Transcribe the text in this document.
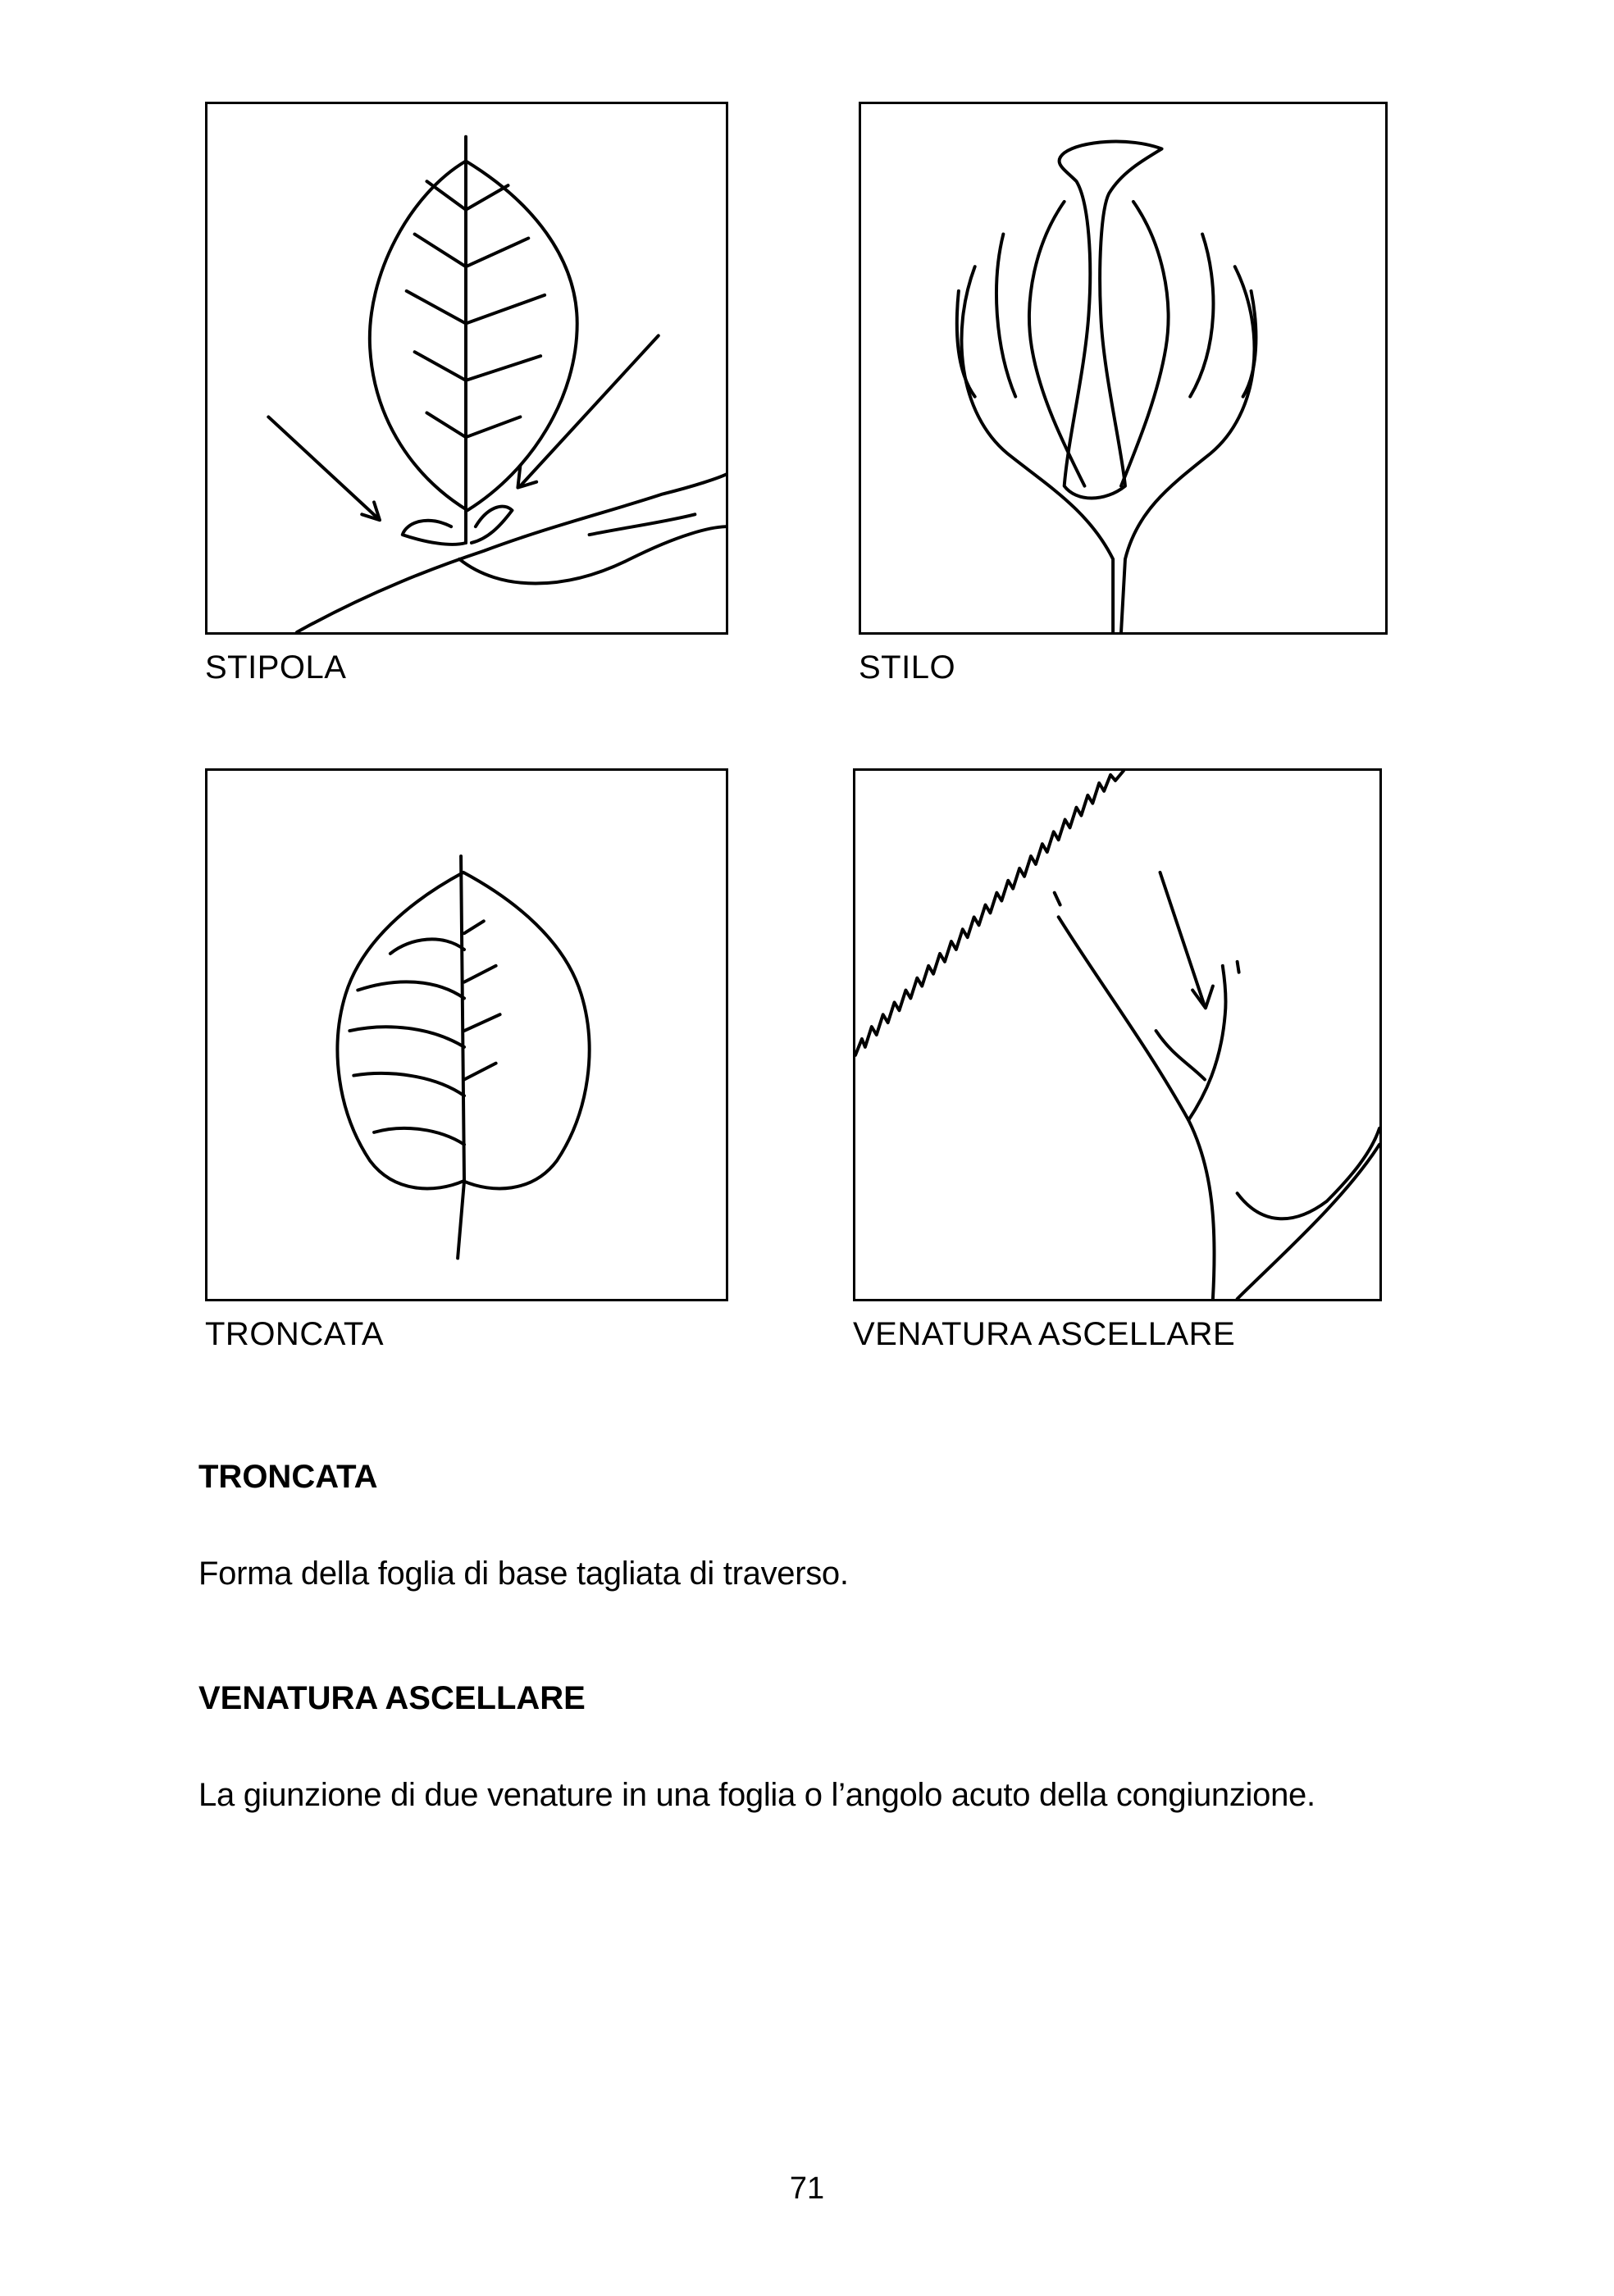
STIPOLA	STILO
TRONCATA	VENATURA ASCELLARE
TRONCATA
Forma della foglia di base tagliata di traverso.
VENATURA ASCELLARE
La giunzione di due venature in una foglia o l’angolo acuto della congiunzione.
71
